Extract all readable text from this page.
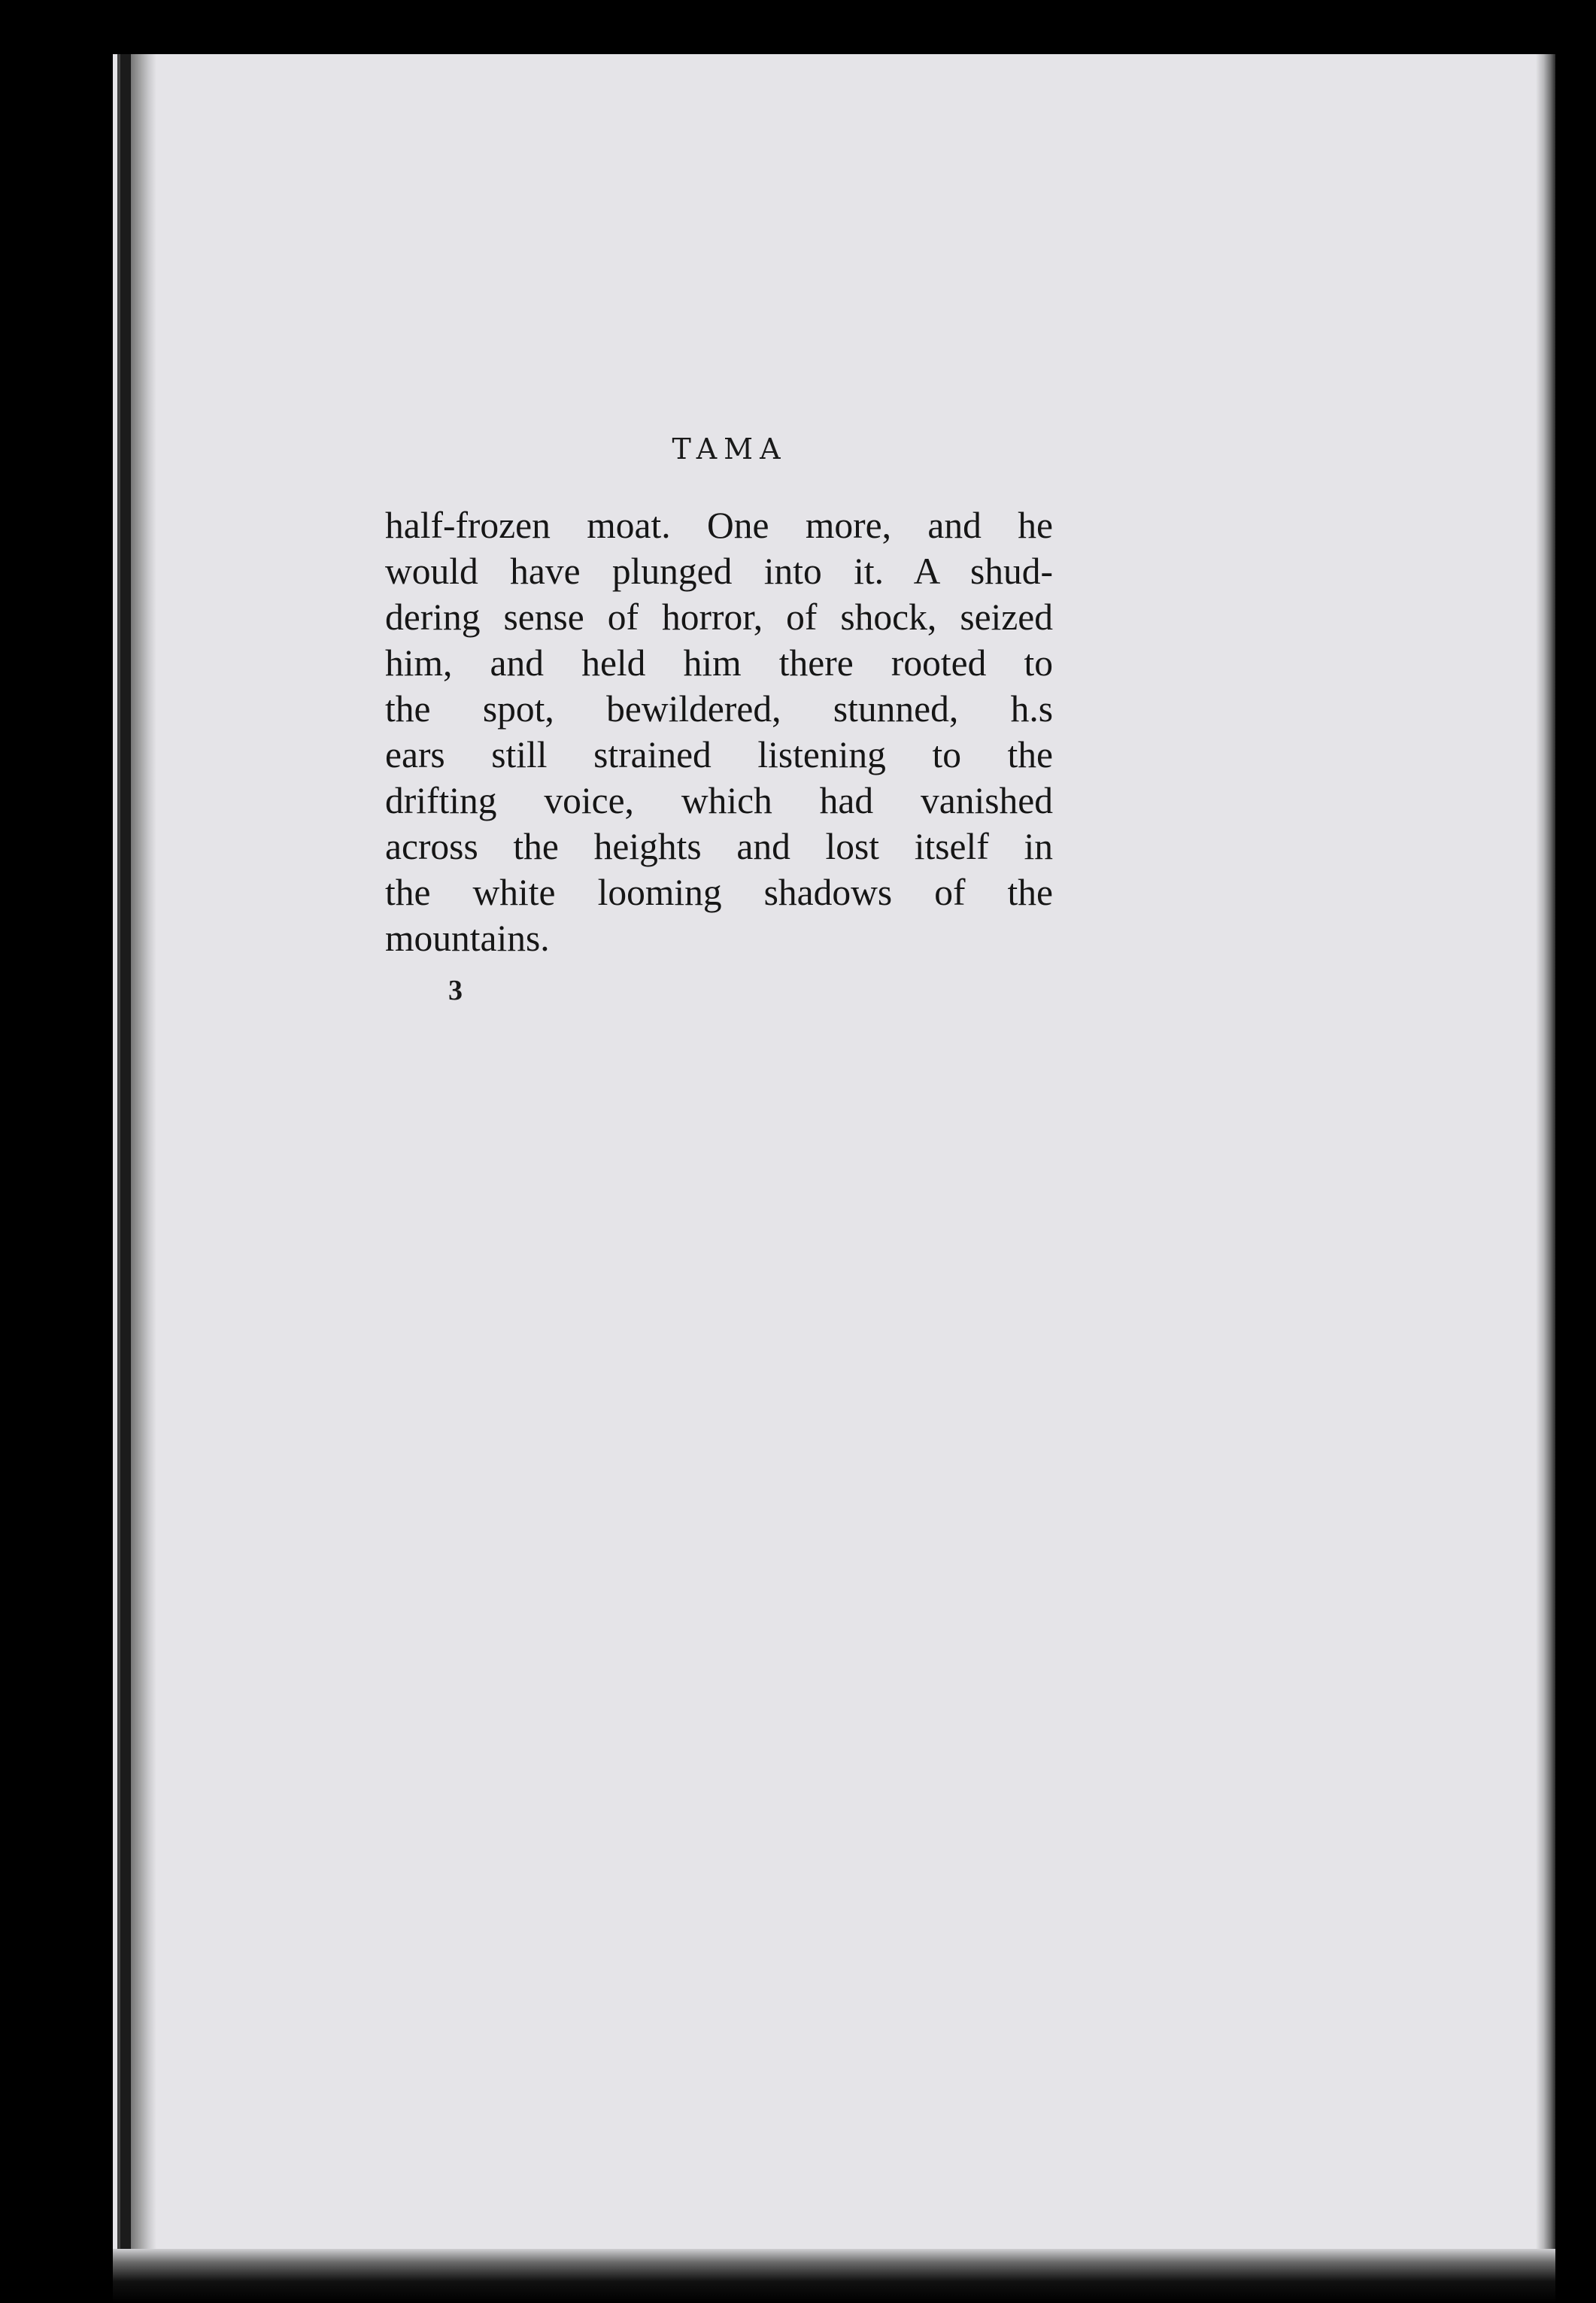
TAMA
half-frozen moat. One more, and he
would have plunged into it. A shud-
dering sense of horror, of shock, seized
him, and held him there rooted to
the spot, bewildered, stunned, h.s
ears still strained listening to the
drifting voice, which had vanished
across the heights and lost itself in
the white looming shadows of the
mountains.
3
